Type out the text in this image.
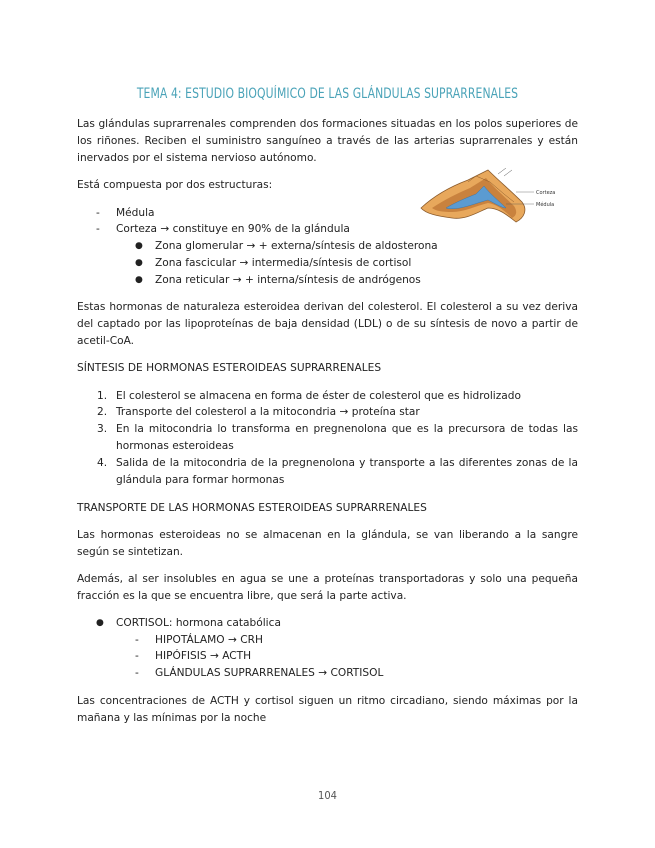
TEMA 4: ESTUDIO BIOQUÍMICO DE LAS GLÁNDULAS SUPRARRENALES
Las glándulas suprarrenales comprenden dos formaciones situadas en los polos superiores de los riñones. Reciben el suministro sanguíneo a través de las arterias suprarrenales y están inervados por el sistema nervioso autónomo.
Está compuesta por dos estructuras:
- Médula
- Corteza → constituye en 90% de la glándula
● Zona glomerular → + externa/síntesis de aldosterona
● Zona fascicular → intermedia/síntesis de cortisol
● Zona reticular → + interna/síntesis de andrógenos
Corteza
Médula
Estas hormonas de naturaleza esteroidea derivan del colesterol. El colesterol a su vez deriva del captado por las lipoproteínas de baja densidad (LDL) o de su síntesis de novo a partir de acetil-CoA.
SÍNTESIS DE HORMONAS ESTEROIDEAS SUPRARRENALES
1. El colesterol se almacena en forma de éster de colesterol que es hidrolizado
2. Transporte del colesterol a la mitocondria → proteína star
3. En la mitocondria lo transforma en pregnenolona que es la precursora de todas las hormonas esteroideas
4. Salida de la mitocondria de la pregnenolona y transporte a las diferentes zonas de la glándula para formar hormonas
TRANSPORTE DE LAS HORMONAS ESTEROIDEAS SUPRARRENALES
Las hormonas esteroideas no se almacenan en la glándula, se van liberando a la sangre según se sintetizan.
Además, al ser insolubles en agua se une a proteínas transportadoras y solo una pequeña fracción es la que se encuentra libre, que será la parte activa.
● CORTISOL: hormona catabólica
- HIPOTÁLAMO → CRH
- HIPÓFISIS → ACTH
- GLÁNDULAS SUPRARRENALES → CORTISOL
Las concentraciones de ACTH y cortisol siguen un ritmo circadiano, siendo máximas por la mañana y las mínimas por la noche
104
